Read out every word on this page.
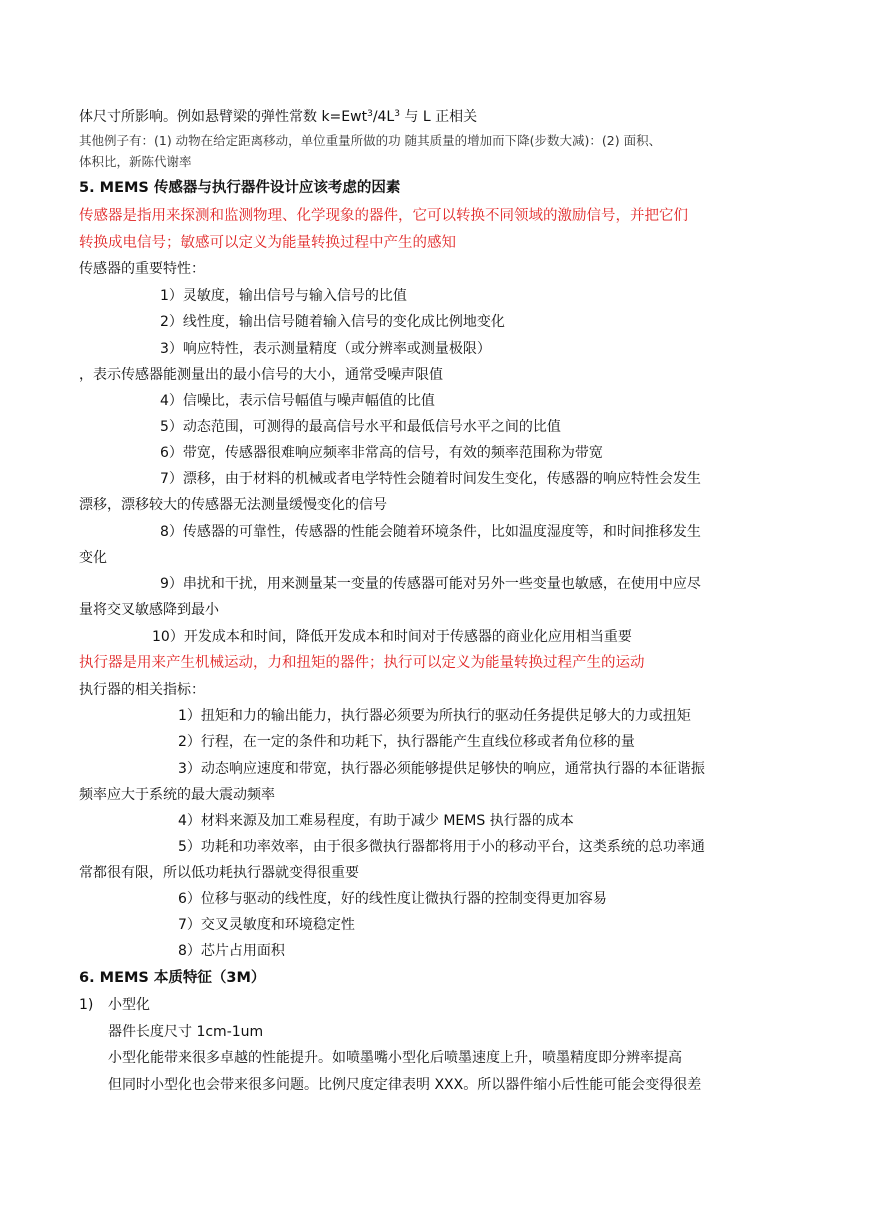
体尺寸所影响。例如悬臂梁的弹性常数 $k=Ewt^3/4L^3$ 与 L 正相关
其他例子有：(1) 动物在给定距离移动，单位重量所做的功 随其质量的增加而下降(步数大减)：(2) 面积、
体积比，新陈代谢率
5. MEMS 传感器与执行器件设计应该考虑的因素
传感器是指用来探测和监测物理、化学现象的器件，它可以转换不同领域的激励信号，并把它们
转换成电信号；敏感可以定义为能量转换过程中产生的感知
传感器的重要特性：
1）灵敏度，输出信号与输入信号的比值
2）线性度，输出信号随着输入信号的变化成比例地变化
3）响应特性，表示测量精度（或分辨率或测量极限）
，表示传感器能测量出的最小信号的大小，通常受噪声限值
4）信噪比，表示信号幅值与噪声幅值的比值
5）动态范围，可测得的最高信号水平和最低信号水平之间的比值
6）带宽，传感器很难响应频率非常高的信号，有效的频率范围称为带宽
7）漂移，由于材料的机械或者电学特性会随着时间发生变化，传感器的响应特性会发生
漂移，漂移较大的传感器无法测量缓慢变化的信号
8）传感器的可靠性，传感器的性能会随着环境条件，比如温度湿度等，和时间推移发生
变化
9）串扰和干扰，用来测量某一变量的传感器可能对另外一些变量也敏感，在使用中应尽
量将交叉敏感降到最小
10）开发成本和时间，降低开发成本和时间对于传感器的商业化应用相当重要
执行器是用来产生机械运动，力和扭矩的器件；执行可以定义为能量转换过程产生的运动
执行器的相关指标：
1）扭矩和力的输出能力，执行器必须要为所执行的驱动任务提供足够大的力或扭矩
2）行程，在一定的条件和功耗下，执行器能产生直线位移或者角位移的量
3）动态响应速度和带宽，执行器必须能够提供足够快的响应，通常执行器的本征谐振
频率应大于系统的最大震动频率
4）材料来源及加工难易程度，有助于减少 MEMS 执行器的成本
5）功耗和功率效率，由于很多微执行器都将用于小的移动平台，这类系统的总功率通
常都很有限，所以低功耗执行器就变得很重要
6）位移与驱动的线性度，好的线性度让微执行器的控制变得更加容易
7）交叉灵敏度和环境稳定性
8）芯片占用面积
6. MEMS 本质特征（3M）
1) 小型化
器件长度尺寸 1cm-1um
小型化能带来很多卓越的性能提升。如喷墨嘴小型化后喷墨速度上升，喷墨精度即分辨率提高
但同时小型化也会带来很多问题。比例尺度定律表明 XXX。所以器件缩小后性能可能会变得很差
